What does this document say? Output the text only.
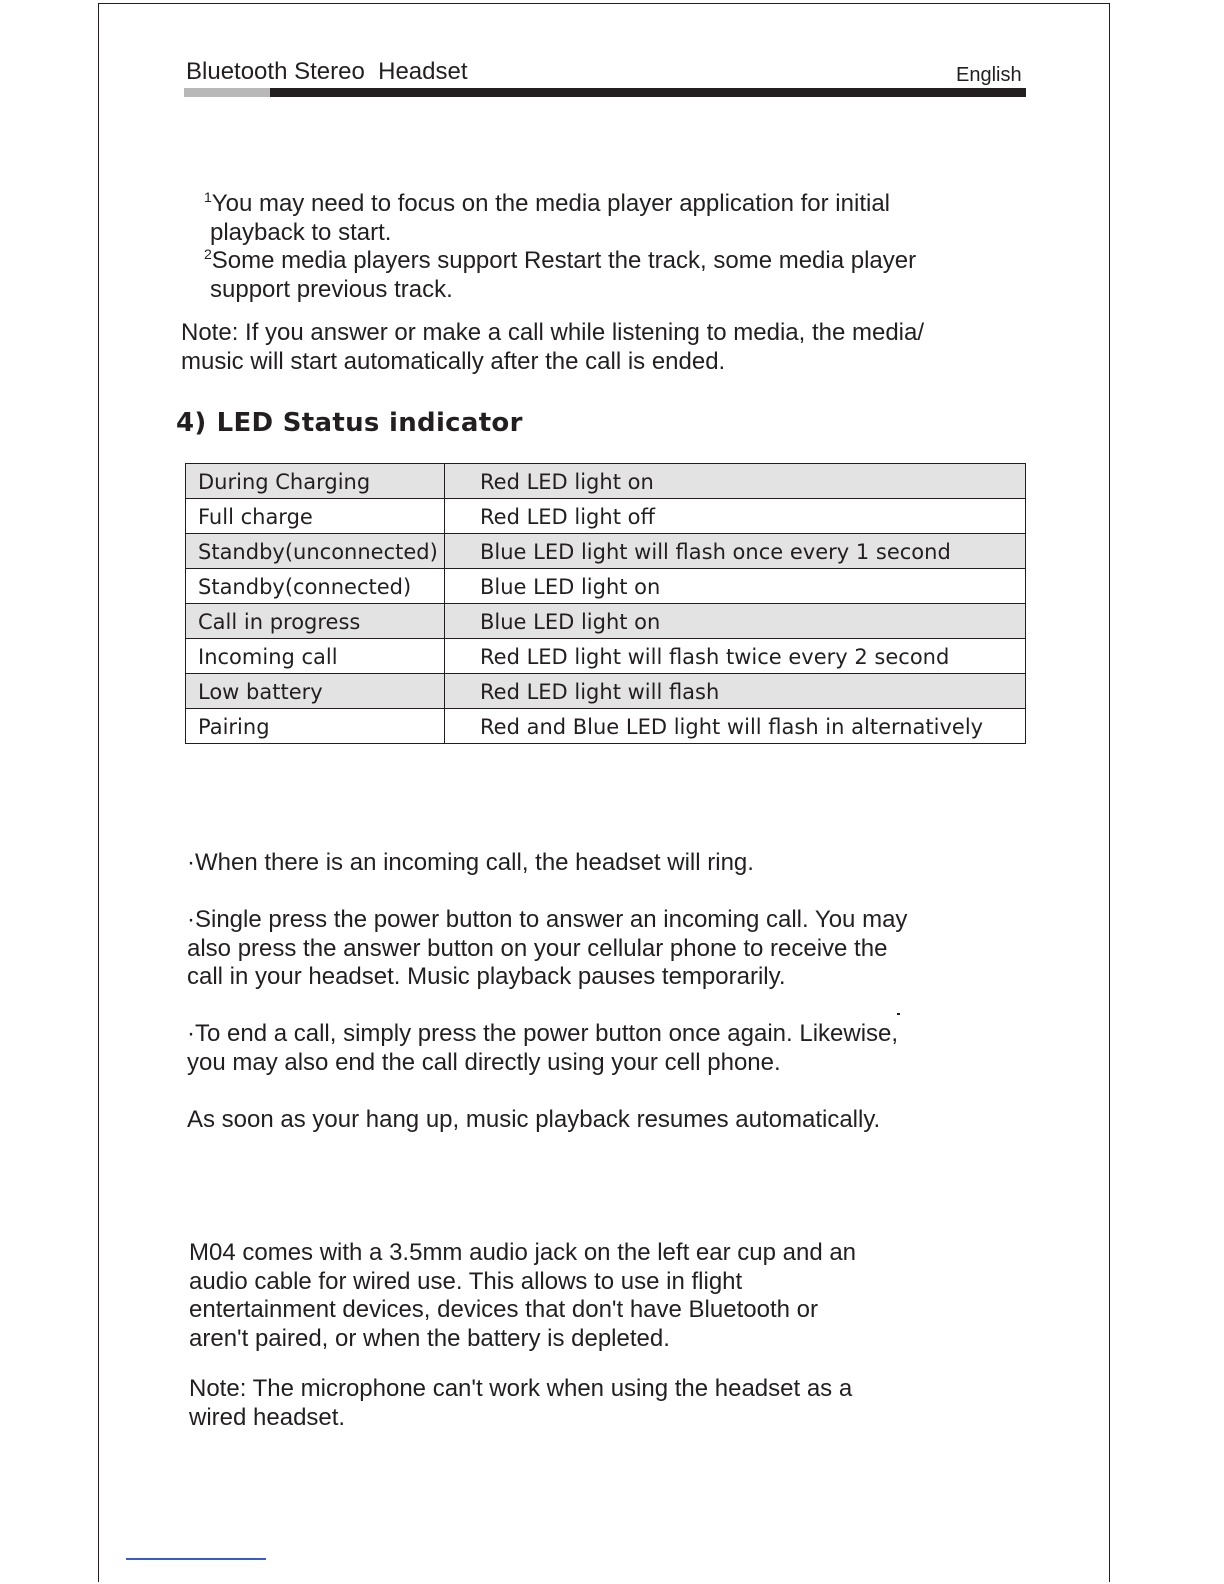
Bluetooth Stereo  Headset	English
$^1$You may need to focus on the media player application for initial
playback to start.
$^2$Some media players support Restart the track, some media player
support previous track.
Note: If you answer or make a call while listening to media, the media/
music will start automatically after the call is ended.
4) LED Status indicator
During Charging	Red LED light on
Full charge	Red LED light off
Standby(unconnected)	Blue LED light will flash once every 1 second
Standby(connected)	Blue LED light on
Call in progress	Blue LED light on
Incoming call	Red LED light will flash twice every 2 second
Low battery	Red LED light will flash
Pairing	Red and Blue LED light will flash in alternatively
·When there is an incoming call, the headset will ring.
·Single press the power button to answer an incoming call. You may
also press the answer button on your cellular phone to receive the
call in your headset. Music playback pauses temporarily.
·To end a call, simply press the power button once again. Likewise,
you may also end the call directly using your cell phone.
As soon as your hang up, music playback resumes automatically.
M04 comes with a 3.5mm audio jack on the left ear cup and an
audio cable for wired use. This allows to use in flight
entertainment devices, devices that don't have Bluetooth or
aren't paired, or when the battery is depleted.
Note: The microphone can't work when using the headset as a
wired headset.
